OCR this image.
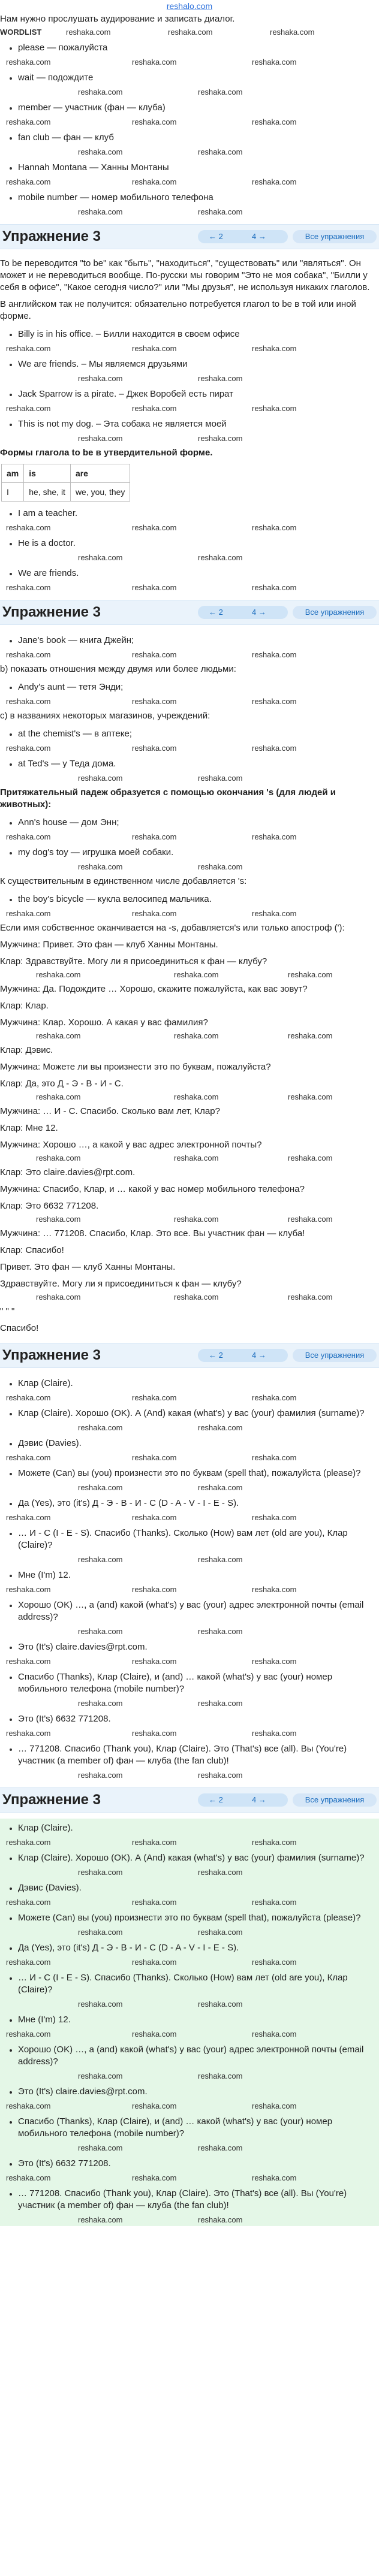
reshalo.com

Нам нужно прослушать аудирование и записать диалог.

WORDLIST	reshaka.com	reshaka.com	reshaka.com
please — пожалуйста
reshaka.com	reshaka.com	reshaka.com
wait — подождите
reshaka.com	reshaka.com
member — участник (фан — клуба)
reshaka.com	reshaka.com	reshaka.com
fan club — фан — клуб
reshaka.com	reshaka.com
Hannah Montana — Ханны Монтаны
reshaka.com	reshaka.com	reshaka.com
mobile number — номер мобильного телефона
reshaka.com	reshaka.com
Упражнение 3	← 2	4 →	Все упражнения

To be переводится "to be" как "быть", "находиться", "существовать" или "являться". Он может и не переводиться вообще. По-русски мы говорим "Это не моя собака", "Билли у себя в офисе", "Какое сегодня число?" или "Мы друзья", не используя никаких глаголов.

В английском так не получится: обязательно потребуется глагол to be в той или иной форме.

Billy is in his office. – Билли находится в своем офисе
reshaka.com	reshaka.com	reshaka.com
We are friends. – Мы являемся друзьями
reshaka.com	reshaka.com
Jack Sparrow is a pirate. – Джек Воробей есть пират
reshaka.com	reshaka.com	reshaka.com
This is not my dog. – Эта собака не является моей
reshaka.com	reshaka.com

Формы глагола to be в утвердительной форме.

am	is	are
I	he, she, it	we, you, they
I am a teacher.
reshaka.com	reshaka.com	reshaka.com
He is a doctor.
reshaka.com	reshaka.com
We are friends.
reshaka.com	reshaka.com	reshaka.com
Упражнение 3	← 2	4 →	Все упражнения
Jane's book — книга Джейн;
reshaka.com	reshaka.com	reshaka.com

b) показать отношения между двумя или более людьми:

Andy's aunt — тетя Энди;
reshaka.com	reshaka.com	reshaka.com

c) в названиях некоторых магазинов, учреждений:

at the chemist's — в аптеке;
reshaka.com	reshaka.com	reshaka.com
at Ted's — у Теда дома.
reshaka.com	reshaka.com

Притяжательный падеж образуется с помощью окончания 's (для людей и животных):

Ann's house — дом Энн;
reshaka.com	reshaka.com	reshaka.com
my dog's toy — игрушка моей собаки.
reshaka.com	reshaka.com

К существительным в единственном числе добавляется 's:

the boy's bicycle — кукла велосипед мальчика.
reshaka.com	reshaka.com	reshaka.com

Если имя собственное оканчивается на -s, добавляется's или только апостроф ('):

Мужчина: Привет. Это фан — клуб Ханны Монтаны.

Клар: Здравствуйте. Могу ли я присоединиться к фан — клубу?

reshaka.com	reshaka.com	reshaka.com

Мужчина: Да. Подождите … Хорошо, скажите пожалуйста, как вас зовут?

Клар: Клар.

Мужчина: Клар. Хорошо. А какая у вас фамилия?

reshaka.com	reshaka.com	reshaka.com

Клар: Дэвис.

Мужчина: Можете ли вы произнести это по буквам, пожалуйста?

Клар: Да, это Д - Э - В - И - С.

reshaka.com	reshaka.com	reshaka.com

Мужчина: … И - С. Спасибо. Сколько вам лет, Клар?

Клар: Мне 12.

Мужчина: Хорошо …, а какой у вас адрес электронной почты?

reshaka.com	reshaka.com	reshaka.com

Клар: Это claire.davies@rpt.com.

Мужчина: Спасибо, Клар, и … какой у вас номер мобильного телефона?

Клар: Это 6632 771208.

reshaka.com	reshaka.com	reshaka.com

Мужчина: … 771208. Спасибо, Клар. Это все. Вы участник фан — клуба!

Клар: Спасибо!

Привет. Это фан — клуб Ханны Монтаны.

Здравствуйте. Могу ли я присоединиться к фан — клубу?

reshaka.com	reshaka.com	reshaka.com

" " "

Спасибо!

Упражнение 3	← 2	4 →	Все упражнения
Клар (Claire).
reshaka.com	reshaka.com	reshaka.com
Клар (Claire). Хорошо (OK). А (And) какая (what's) у вас (your) фамилия (surname)?
reshaka.com	reshaka.com
Дэвис (Davies).
reshaka.com	reshaka.com	reshaka.com
Можете (Can) вы (you) произнести это по буквам (spell that), пожалуйста (please)?
reshaka.com	reshaka.com
Да (Yes), это (it's) Д - Э - В - И - С (D - A - V - I - E - S).
reshaka.com	reshaka.com	reshaka.com
… И - С (I - E - S). Спасибо (Thanks). Сколько (How) вам лет (old are you), Клар (Claire)?
reshaka.com	reshaka.com
Мне (I'm) 12.
reshaka.com	reshaka.com	reshaka.com
Хорошо (OK) …, а (and) какой (what's) у вас (your) адрес электронной почты (email address)?
reshaka.com	reshaka.com
Это (It's) claire.davies@rpt.com.
reshaka.com	reshaka.com	reshaka.com
Спасибо (Thanks), Клар (Claire), и (and) … какой (what's) у вас (your) номер мобильного телефона (mobile number)?
reshaka.com	reshaka.com
Это (It's) 6632 771208.
reshaka.com	reshaka.com	reshaka.com
… 771208. Спасибо (Thank you), Клар (Claire). Это (That's) все (all). Вы (You're) участник (a member of) фан — клуба (the fan club)!
reshaka.com	reshaka.com
Упражнение 3	← 2	4 →	Все упражнения
Клар (Claire).
reshaka.com	reshaka.com	reshaka.com
Клар (Claire). Хорошо (OK). А (And) какая (what's) у вас (your) фамилия (surname)?
reshaka.com	reshaka.com
Дэвис (Davies).
reshaka.com	reshaka.com	reshaka.com
Можете (Can) вы (you) произнести это по буквам (spell that), пожалуйста (please)?
reshaka.com	reshaka.com
Да (Yes), это (it's) Д - Э - В - И - С (D - A - V - I - E - S).
reshaka.com	reshaka.com	reshaka.com
… И - С (I - E - S). Спасибо (Thanks). Сколько (How) вам лет (old are you), Клар (Claire)?
reshaka.com	reshaka.com
Мне (I'm) 12.
reshaka.com	reshaka.com	reshaka.com
Хорошо (OK) …, а (and) какой (what's) у вас (your) адрес электронной почты (email address)?
reshaka.com	reshaka.com
Это (It's) claire.davies@rpt.com.
reshaka.com	reshaka.com	reshaka.com
Спасибо (Thanks), Клар (Claire), и (and) … какой (what's) у вас (your) номер мобильного телефона (mobile number)?
reshaka.com	reshaka.com
Это (It's) 6632 771208.
reshaka.com	reshaka.com	reshaka.com
… 771208. Спасибо (Thank you), Клар (Claire). Это (That's) все (all). Вы (You're) участник (a member of) фан — клуба (the fan club)!
reshaka.com	reshaka.com
